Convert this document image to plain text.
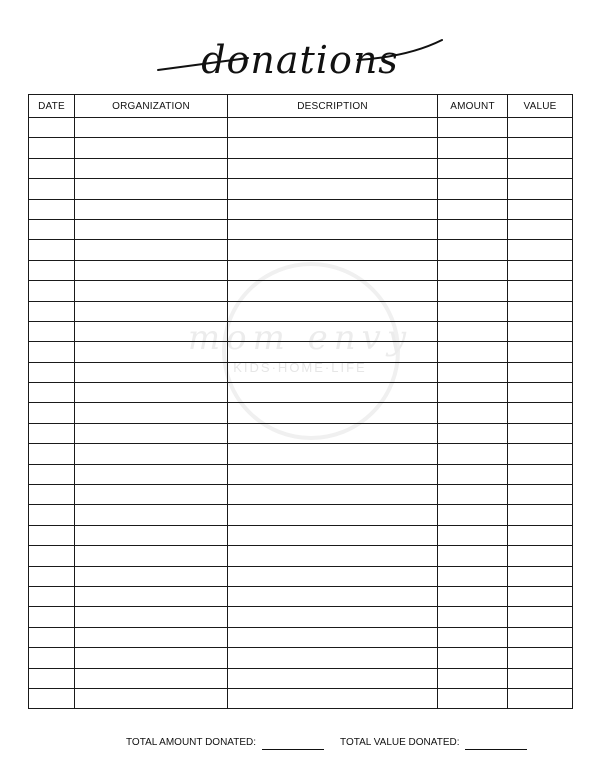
donations
mom envy
KIDS·HOME·LIFE
DATE	ORGANIZATION	DESCRIPTION	AMOUNT	VALUE

TOTAL AMOUNT DONATED:	TOTAL VALUE DONATED:
